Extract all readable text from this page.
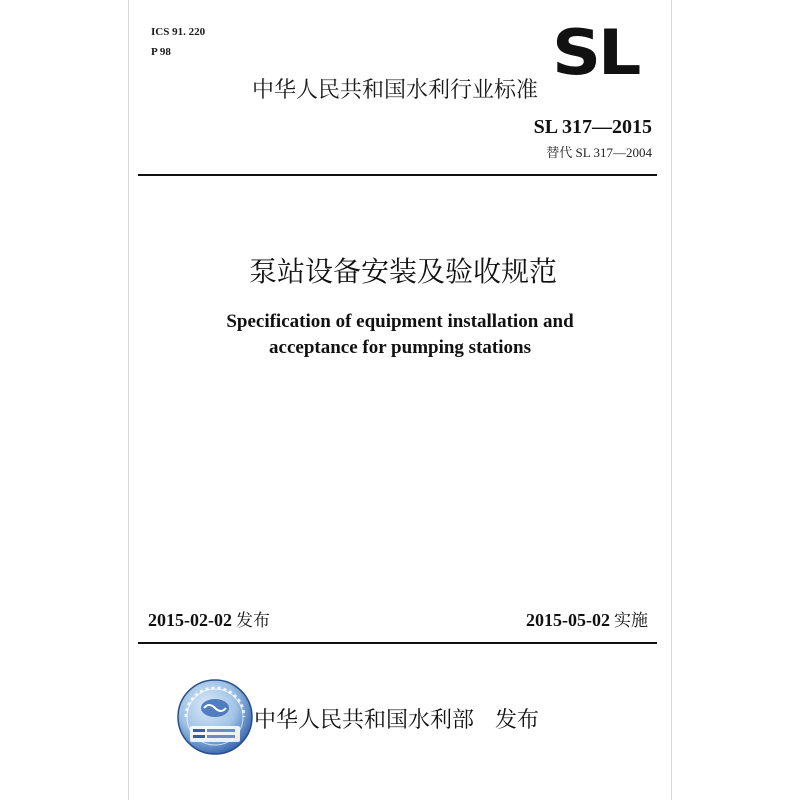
ICS 91. 220
P 98	SL
中华人民共和国水利行业标准
SL 317—2015
替代 SL 317—2004
泵站设备安装及验收规范
Specification of equipment installation and
acceptance for pumping stations
2015-02-02 发布	2015-05-02 实施
中华人民共和国水利部 发布
